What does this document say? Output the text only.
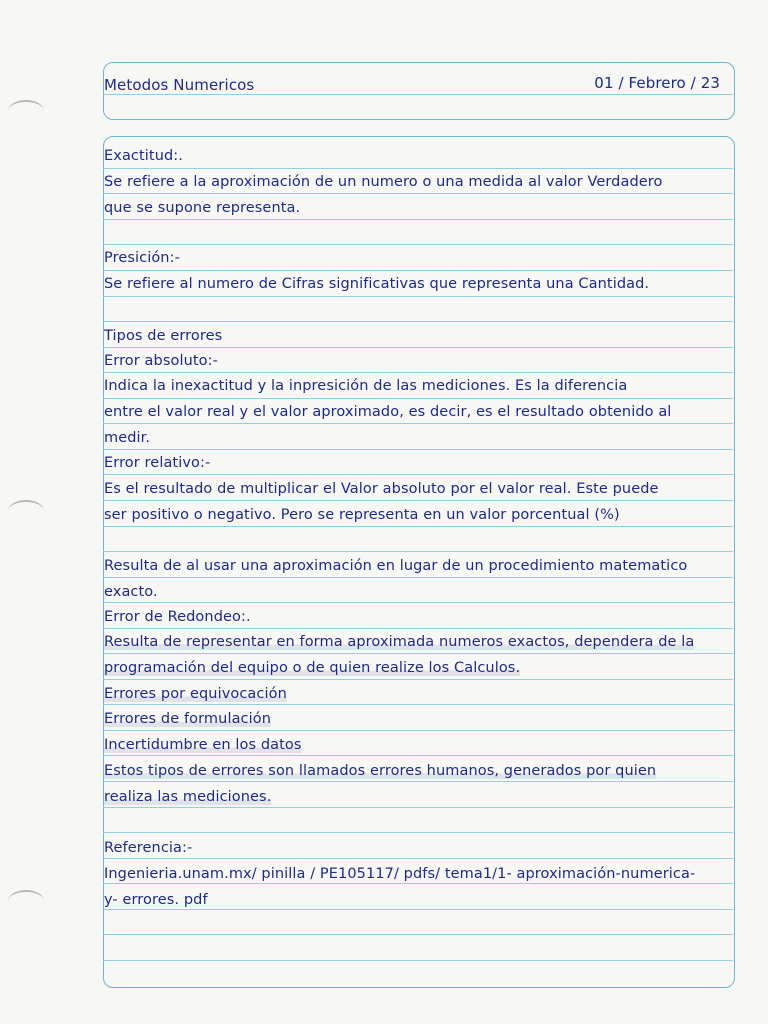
Metodos Numericos	01 / Febrero / 23
Exactitud:.
Se refiere a la aproximación de un numero o una medida al valor Verdadero
que se supone representa.
Presición:-
Se refiere al numero de Cifras significativas que representa una Cantidad.
Tipos de errores
Error absoluto:-
Indica la inexactitud y la inpresición de las mediciones. Es la diferencia
entre el valor real y el valor aproximado, es decir, es el resultado obtenido al
medir.
Error relativo:-
Es el resultado de multiplicar el Valor absoluto por el valor real. Este puede
ser positivo o negativo. Pero se representa en un valor porcentual (%)
Resulta de al usar una aproximación en lugar de un procedimiento matematico
exacto.
Error de Redondeo:.
Resulta de representar en forma aproximada numeros exactos, dependera de la
programación del equipo o de quien realize los Calculos.
Errores por equivocación
Errores de formulación
Incertidumbre en los datos
Estos tipos de errores son llamados errores humanos, generados por quien
realiza las mediciones.
Referencia:-
Ingenieria.unam.mx/ pinilla / PE105117/ pdfs/ tema1/1- aproximación-numerica-
y- errores. pdf
